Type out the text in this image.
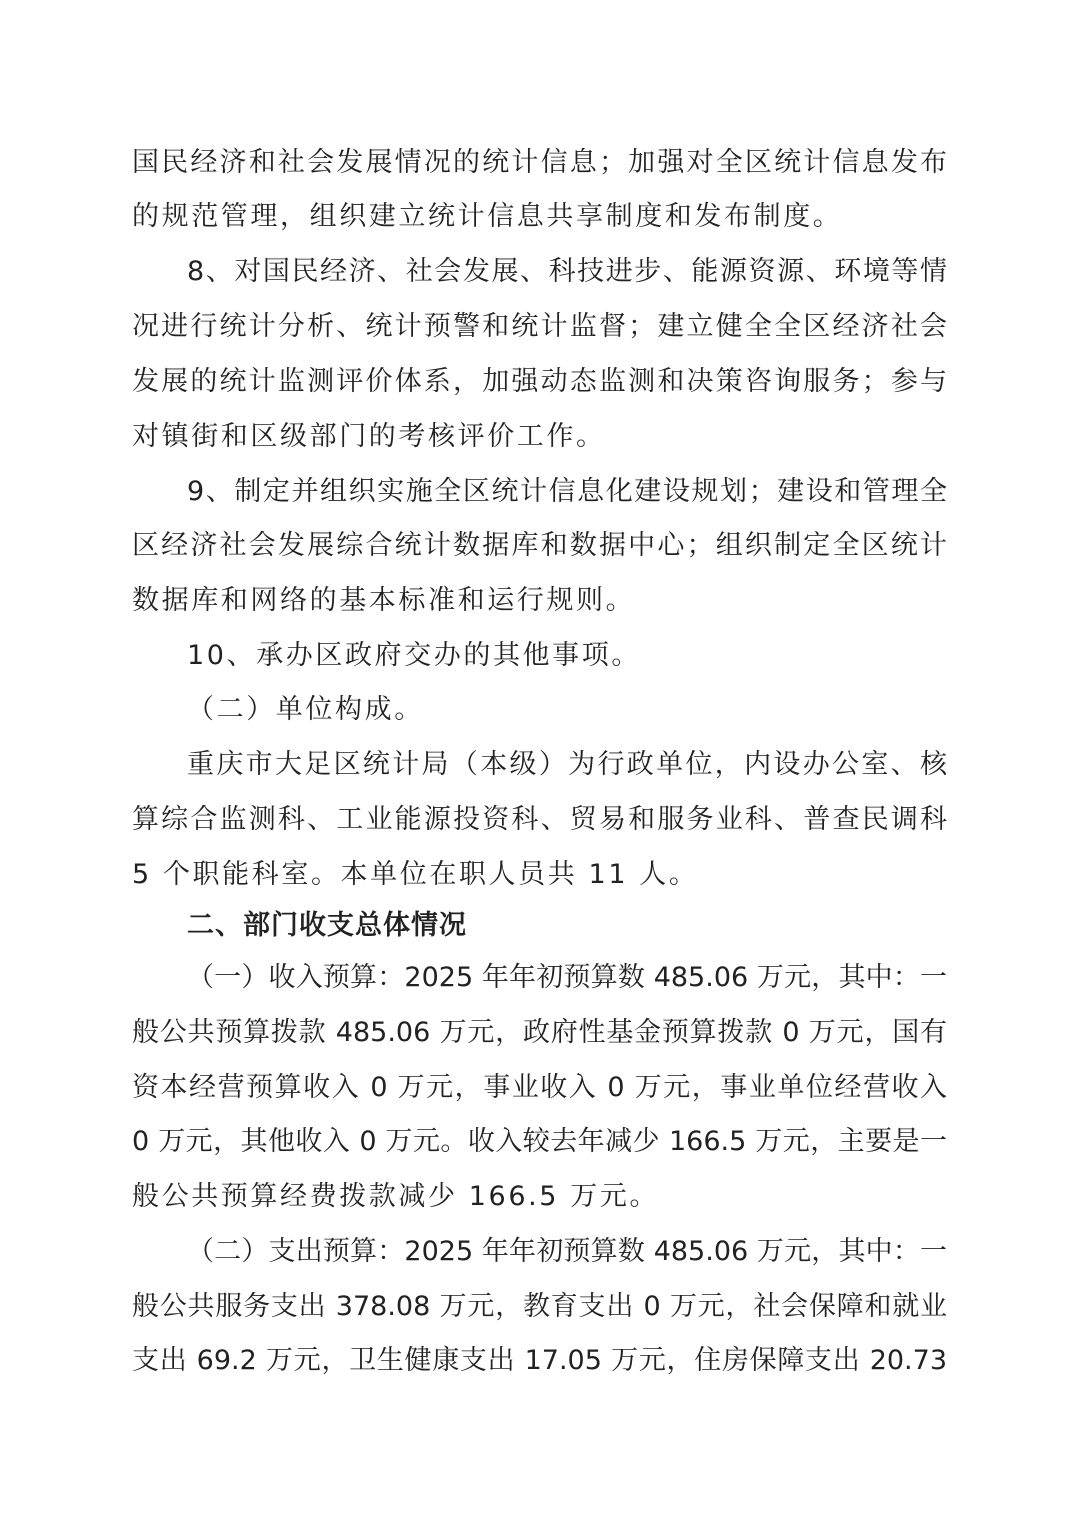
国民经济和社会发展情况的统计信息；加强对全区统计信息发布
的规范管理，组织建立统计信息共享制度和发布制度。
8、对国民经济、社会发展、科技进步、能源资源、环境等情
况进行统计分析、统计预警和统计监督；建立健全全区经济社会
发展的统计监测评价体系，加强动态监测和决策咨询服务；参与
对镇街和区级部门的考核评价工作。
9、制定并组织实施全区统计信息化建设规划；建设和管理全
区经济社会发展综合统计数据库和数据中心；组织制定全区统计
数据库和网络的基本标准和运行规则。
10、承办区政府交办的其他事项。
（二）单位构成。
重庆市大足区统计局（本级）为行政单位，内设办公室、核
算综合监测科、工业能源投资科、贸易和服务业科、普查民调科
5 个职能科室。本单位在职人员共 11 人。
二、部门收支总体情况
（一）收入预算：2025 年年初预算数 485.06 万元，其中：一
般公共预算拨款 485.06 万元，政府性基金预算拨款 0 万元，国有
资本经营预算收入 0 万元，事业收入 0 万元，事业单位经营收入
0 万元，其他收入 0 万元。收入较去年减少 166.5 万元，主要是一
般公共预算经费拨款减少 166.5 万元。
（二）支出预算：2025 年年初预算数 485.06 万元，其中：一
般公共服务支出 378.08 万元，教育支出 0 万元，社会保障和就业
支出 69.2 万元，卫生健康支出 17.05 万元，住房保障支出 20.73
